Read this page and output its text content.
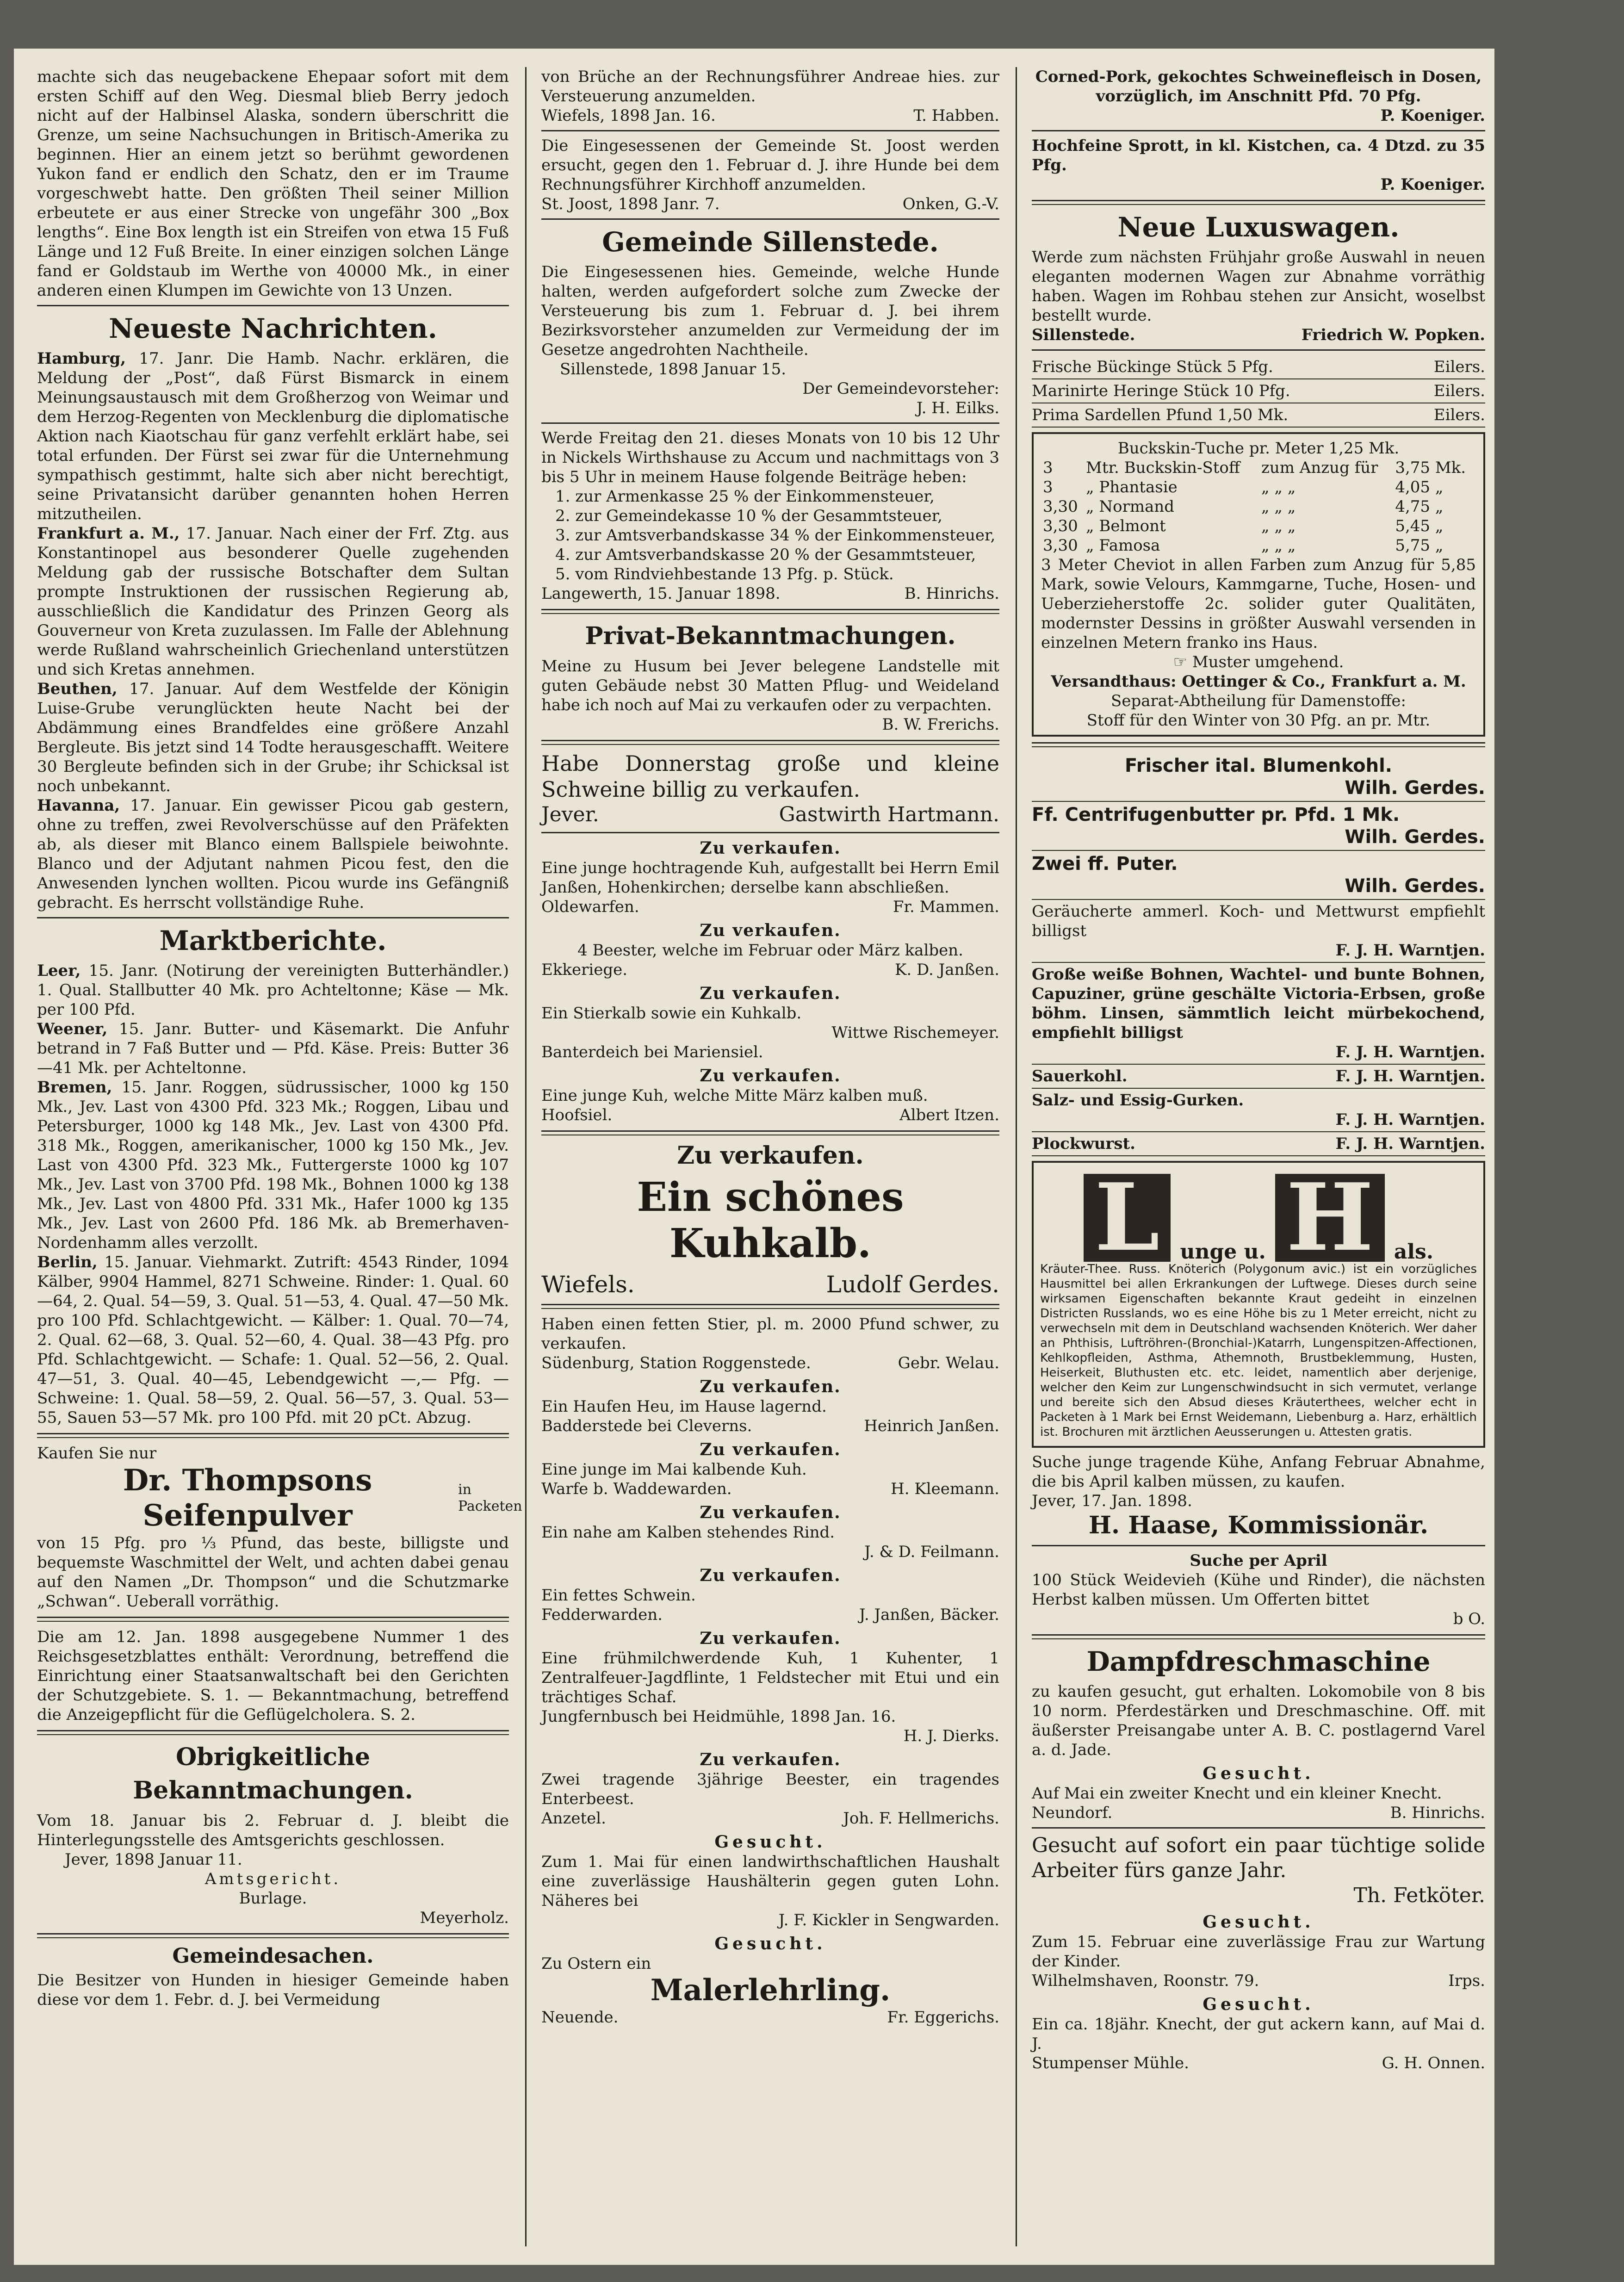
machte sich das neugebackene Ehepaar sofort mit dem ersten Schiff auf den Weg. Diesmal blieb Berry jedoch nicht auf der Halbinsel Alaska, sondern überschritt die Grenze, um seine Nachsuchungen in Britisch-Amerika zu beginnen. Hier an einem jetzt so berühmt gewordenen Yukon fand er endlich den Schatz, den er im Traume vorgeschwebt hatte. Den größten Theil seiner Million erbeutete er aus einer Strecke von ungefähr 300 „Box lengths“. Eine Box length ist ein Streifen von etwa 15 Fuß Länge und 12 Fuß Breite. In einer einzigen solchen Länge fand er Goldstaub im Werthe von 40000 Mk., in einer anderen einen Klumpen im Gewichte von 13 Unzen.

Neueste Nachrichten.

Hamburg, 17. Janr. Die Hamb. Nachr. erklären, die Meldung der „Post“, daß Fürst Bismarck in einem Meinungsaustausch mit dem Großherzog von Weimar und dem Herzog-Regenten von Mecklenburg die diplomatische Aktion nach Kiaotschau für ganz verfehlt erklärt habe, sei total erfunden. Der Fürst sei zwar für die Unternehmung sympathisch gestimmt, halte sich aber nicht berechtigt, seine Privatansicht darüber genannten hohen Herren mitzutheilen.

Frankfurt a. M., 17. Januar. Nach einer der Frf. Ztg. aus Konstantinopel aus besonderer Quelle zugehenden Meldung gab der russische Botschafter dem Sultan prompte Instruktionen der russischen Regierung ab, ausschließlich die Kandidatur des Prinzen Georg als Gouverneur von Kreta zuzulassen. Im Falle der Ablehnung werde Rußland wahrscheinlich Griechenland unterstützen und sich Kretas annehmen.

Beuthen, 17. Januar. Auf dem Westfelde der Königin Luise-Grube verunglückten heute Nacht bei der Abdämmung eines Brandfeldes eine größere Anzahl Bergleute. Bis jetzt sind 14 Todte herausgeschafft. Weitere 30 Bergleute befinden sich in der Grube; ihr Schicksal ist noch unbekannt.

Havanna, 17. Januar. Ein gewisser Picou gab gestern, ohne zu treffen, zwei Revolverschüsse auf den Präfekten ab, als dieser mit Blanco einem Ballspiele beiwohnte. Blanco und der Adjutant nahmen Picou fest, den die Anwesenden lynchen wollten. Picou wurde ins Gefängniß gebracht. Es herrscht vollständige Ruhe.

Marktberichte.

Leer, 15. Janr. (Notirung der vereinigten Butterhändler.) 1. Qual. Stallbutter 40 Mk. pro Achteltonne; Käse — Mk. per 100 Pfd.

Weener, 15. Janr. Butter- und Käsemarkt. Die Anfuhr betrand in 7 Faß Butter und — Pfd. Käse. Preis: Butter 36—41 Mk. per Achteltonne.

Bremen, 15. Janr. Roggen, südrussischer, 1000 kg 150 Mk., Jev. Last von 4300 Pfd. 323 Mk.; Roggen, Libau und Petersburger, 1000 kg 148 Mk., Jev. Last von 4300 Pfd. 318 Mk., Roggen, amerikanischer, 1000 kg 150 Mk., Jev. Last von 4300 Pfd. 323 Mk., Futtergerste 1000 kg 107 Mk., Jev. Last von 3700 Pfd. 198 Mk., Bohnen 1000 kg 138 Mk., Jev. Last von 4800 Pfd. 331 Mk., Hafer 1000 kg 135 Mk., Jev. Last von 2600 Pfd. 186 Mk. ab Bremerhaven-Nordenhamm alles verzollt.

Berlin, 15. Januar. Viehmarkt. Zutrift: 4543 Rinder, 1094 Kälber, 9904 Hammel, 8271 Schweine. Rinder: 1. Qual. 60—64, 2. Qual. 54—59, 3. Qual. 51—53, 4. Qual. 47—50 Mk. pro 100 Pfd. Schlachtgewicht. — Kälber: 1. Qual. 70—74, 2. Qual. 62—68, 3. Qual. 52—60, 4. Qual. 38—43 Pfg. pro Pfd. Schlachtgewicht. — Schafe: 1. Qual. 52—56, 2. Qual. 47—51, 3. Qual. 40—45, Lebendgewicht —,— Pfg. — Schweine: 1. Qual. 58—59, 2. Qual. 56—57, 3. Qual. 53—55, Sauen 53—57 Mk. pro 100 Pfd. mit 20 pCt. Abzug.

Kaufen Sie nur

Dr. Thompsons Seifenpulver
in Packeten

von 15 Pfg. pro ⅓ Pfund, das beste, billigste und bequemste Waschmittel der Welt, und achten dabei genau auf den Namen „Dr. Thompson“ und die Schutzmarke „Schwan“. Ueberall vorräthig.

Die am 12. Jan. 1898 ausgegebene Nummer 1 des Reichsgesetzblattes enthält: Verordnung, betreffend die Einrichtung einer Staatsanwaltschaft bei den Gerichten der Schutzgebiete. S. 1. — Bekanntmachung, betreffend die Anzeigepflicht für die Geflügelcholera. S. 2.

Obrigkeitliche Bekanntmachungen.

Vom 18. Januar bis 2. Februar d. J. bleibt die Hinterlegungsstelle des Amtsgerichts geschlossen.

Jever, 1898 Januar 11.

Amtsgericht.

Burlage.

Meyerholz.
Gemeindesachen.

Die Besitzer von Hunden in hiesiger Gemeinde haben diese vor dem 1. Febr. d. J. bei Vermeidung

von Brüche an der Rechnungsführer Andreae hies. zur Versteuerung anzumelden.

Wiefels, 1898 Jan. 16.	T. Habben.

Die Eingesessenen der Gemeinde St. Joost werden ersucht, gegen den 1. Februar d. J. ihre Hunde bei dem Rechnungsführer Kirchhoff anzumelden.

St. Joost, 1898 Janr. 7.	Onken, G.-V.
Gemeinde Sillenstede.

Die Eingesessenen hies. Gemeinde, welche Hunde halten, werden aufgefordert solche zum Zwecke der Versteuerung bis zum 1. Februar d. J. bei ihrem Bezirksvorsteher anzumelden zur Vermeidung der im Gesetze angedrohten Nachtheile.

Sillenstede, 1898 Januar 15.

Der Gemeindevorsteher:
J. H. Eilks.

Werde Freitag den 21. dieses Monats von 10 bis 12 Uhr in Nickels Wirthshause zu Accum und nachmittags von 3 bis 5 Uhr in meinem Hause folgende Beiträge heben:

1. zur Armenkasse 25 % der Einkommensteuer,

2. zur Gemeindekasse 10 % der Gesammtsteuer,

3. zur Amtsverbandskasse 34 % der Einkommensteuer,

4. zur Amtsverbandskasse 20 % der Gesammtsteuer,

5. vom Rindviehbestande 13 Pfg. p. Stück.

Langewerth, 15. Januar 1898.	B. Hinrichs.
Privat-Bekanntmachungen.

Meine zu Husum bei Jever belegene Landstelle mit guten Gebäude nebst 30 Matten Pflug- und Weideland habe ich noch auf Mai zu verkaufen oder zu verpachten.

B. W. Frerichs.

Habe Donnerstag große und kleine Schweine billig zu verkaufen.

Jever.	Gastwirth Hartmann.
Zu verkaufen.

Eine junge hochtragende Kuh, aufgestallt bei Herrn Emil Janßen, Hohenkirchen; derselbe kann abschließen.

Oldewarfen.	Fr. Mammen.
Zu verkaufen.

4 Beester, welche im Februar oder März kalben.

Ekkeriege.	K. D. Janßen.
Zu verkaufen.

Ein Stierkalb sowie ein Kuhkalb.

Wittwe Rischemeyer.

Banterdeich bei Mariensiel.

Zu verkaufen.

Eine junge Kuh, welche Mitte März kalben muß.

Hoofsiel.	Albert Itzen.
Zu verkaufen.
Ein schönes Kuhkalb.
Wiefels.	Ludolf Gerdes.

Haben einen fetten Stier, pl. m. 2000 Pfund schwer, zu verkaufen.

Südenburg, Station Roggenstede.	Gebr. Welau.
Zu verkaufen.

Ein Haufen Heu, im Hause lagernd.

Badderstede bei Cleverns.	Heinrich Janßen.
Zu verkaufen.

Eine junge im Mai kalbende Kuh.

Warfe b. Waddewarden.	H. Kleemann.
Zu verkaufen.

Ein nahe am Kalben stehendes Rind.

J. & D. Feilmann.
Zu verkaufen.

Ein fettes Schwein.

Fedderwarden.	J. Janßen, Bäcker.
Zu verkaufen.

Eine frühmilchwerdende Kuh, 1 Kuhenter, 1 Zentralfeuer-Jagdflinte, 1 Feldstecher mit Etui und ein trächtiges Schaf.

Jungfernbusch bei Heidmühle, 1898 Jan. 16.

H. J. Dierks.
Zu verkaufen.

Zwei tragende 3jährige Beester, ein tragendes Enterbeest.

Anzetel.	Joh. F. Hellmerichs.
Gesucht.

Zum 1. Mai für einen landwirthschaftlichen Haushalt eine zuverlässige Haushälterin gegen guten Lohn. Näheres bei

J. F. Kickler in Sengwarden.
Gesucht.

Zu Ostern ein

Malerlehrling.
Neuende.	Fr. Eggerichs.

Corned-Pork, gekochtes Schweinefleisch in Dosen, vorzüglich, im Anschnitt Pfd. 70 Pfg.

P. Koeniger.

Hochfeine Sprott, in kl. Kistchen, ca. 4 Dtzd. zu 35 Pfg.

P. Koeniger.
Neue Luxuswagen.

Werde zum nächsten Frühjahr große Auswahl in neuen eleganten modernen Wagen zur Abnahme vorräthig haben. Wagen im Rohbau stehen zur Ansicht, woselbst bestellt wurde.

Sillenstede.	Friedrich W. Popken.
Frische Bückinge Stück 5 Pfg.	Eilers.
Marinirte Heringe Stück 10 Pfg.	Eilers.
Prima Sardellen Pfund 1,50 Mk.	Eilers.

Buckskin-Tuche pr. Meter 1,25 Mk.

3	Mtr. Buckskin-Stoff	zum Anzug für	3,75 Mk.
3	„ Phantasie	„ „ „	4,05 „
3,30	„ Normand	„ „ „	4,75 „
3,30	„ Belmont	„ „ „	5,45 „
3,30	„ Famosa	„ „ „	5,75 „

3 Meter Cheviot in allen Farben zum Anzug für 5,85 Mark, sowie Velours, Kammgarne, Tuche, Hosen- und Ueberzieherstoffe 2c. solider guter Qualitäten, modernster Dessins in größter Auswahl versenden in einzelnen Metern franko ins Haus.

☞ Muster umgehend.

Versandthaus: Oettinger & Co., Frankfurt a. M.

Separat-Abtheilung für Damenstoffe:

Stoff für den Winter von 30 Pfg. an pr. Mtr.

Frischer ital. Blumenkohl.
Wilh. Gerdes.
Ff. Centrifugenbutter pr. Pfd. 1 Mk.
Wilh. Gerdes.
Zwei ff. Puter.
Wilh. Gerdes.

Geräucherte ammerl. Koch- und Mettwurst empfiehlt billigst

F. J. H. Warntjen.

Große weiße Bohnen, Wachtel- und bunte Bohnen, Capuziner, grüne geschälte Victoria-Erbsen, große böhm. Linsen, sämmtlich leicht mürbekochend, empfiehlt billigst

F. J. H. Warntjen.
Sauerkohl.	F. J. H. Warntjen.

Salz- und Essig-Gurken.

F. J. H. Warntjen.
Plockwurst.	F. J. H. Warntjen.
L	unge u. H	als.

Kräuter-Thee. Russ. Knöterich (Polygonum avic.) ist ein vorzügliches Hausmittel bei allen Erkrankungen der Luftwege. Dieses durch seine wirksamen Eigenschaften bekannte Kraut gedeiht in einzelnen Districten Russlands, wo es eine Höhe bis zu 1 Meter erreicht, nicht zu verwechseln mit dem in Deutschland wachsenden Knöterich. Wer daher an Phthisis, Luftröhren-(Bronchial-)Katarrh, Lungenspitzen-Affectionen, Kehlkopfleiden, Asthma, Athemnoth, Brustbeklemmung, Husten, Heiserkeit, Bluthusten etc. etc. leidet, namentlich aber derjenige, welcher den Keim zur Lungenschwindsucht in sich vermutet, verlange und bereite sich den Absud dieses Kräuterthees, welcher echt in Packeten à 1 Mark bei Ernst Weidemann, Liebenburg a. Harz, erhältlich ist. Brochuren mit ärztlichen Aeusserungen u. Attesten gratis.

Suche junge tragende Kühe, Anfang Februar Abnahme, die bis April kalben müssen, zu kaufen.

Jever, 17. Jan. 1898.

H. Haase, Kommissionär.

Suche per April

100 Stück Weidevieh (Kühe und Rinder), die nächsten Herbst kalben müssen. Um Offerten bittet

b O.
Dampfdreschmaschine

zu kaufen gesucht, gut erhalten. Lokomobile von 8 bis 10 norm. Pferdestärken und Dreschmaschine. Off. mit äußerster Preisangabe unter A. B. C. postlagernd Varel a. d. Jade.

Gesucht.

Auf Mai ein zweiter Knecht und ein kleiner Knecht.

Neundorf.	B. Hinrichs.

Gesucht auf sofort ein paar tüchtige solide Arbeiter fürs ganze Jahr.

Th. Fetköter.
Gesucht.

Zum 15. Februar eine zuverlässige Frau zur Wartung der Kinder.

Wilhelmshaven, Roonstr. 79.	Irps.
Gesucht.

Ein ca. 18jähr. Knecht, der gut ackern kann, auf Mai d. J.

Stumpenser Mühle.	G. H. Onnen.
